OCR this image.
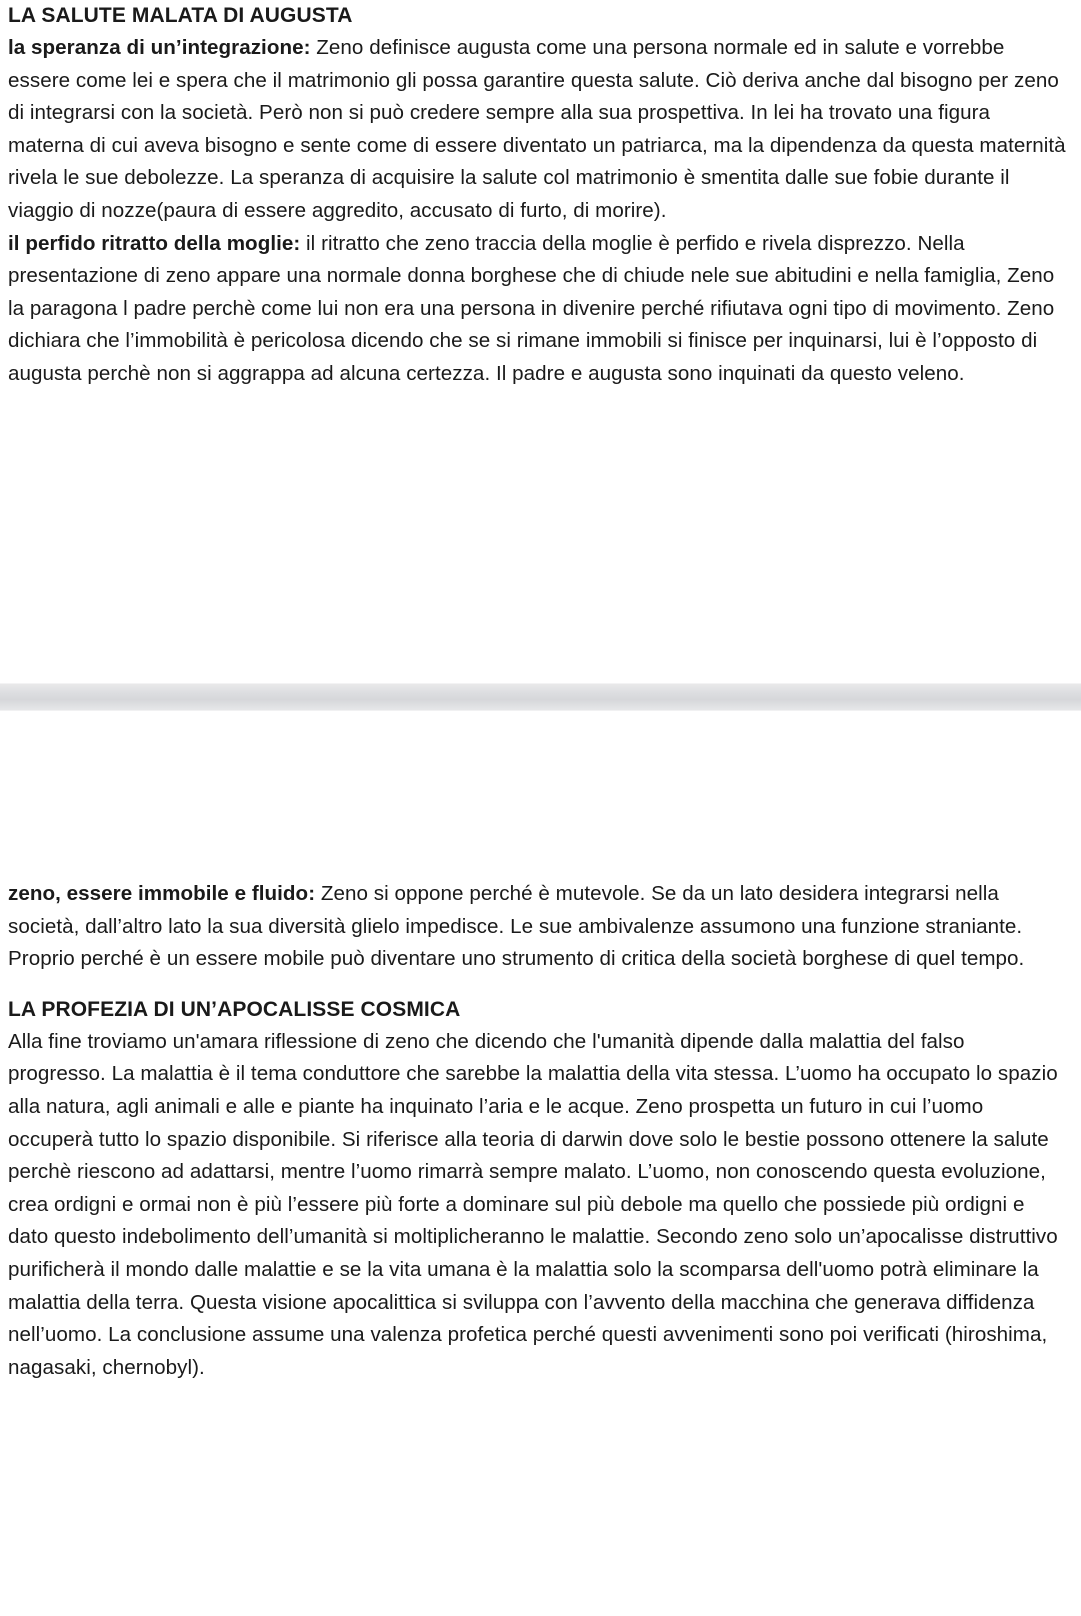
LA SALUTE MALATA DI AUGUSTA

la speranza di un’integrazione: Zeno definisce augusta come una persona normale ed in salute e vorrebbe essere come lei e spera che il matrimonio gli possa garantire questa salute. Ciò deriva anche dal bisogno per zeno di integrarsi con la società. Però non si può credere sempre alla sua prospettiva. In lei ha trovato una figura materna di cui aveva bisogno e sente come di essere diventato un patriarca, ma la dipendenza da questa maternità rivela le sue debolezze. La speranza di acquisire la salute col matrimonio è smentita dalle sue fobie durante il viaggio di nozze(paura di essere aggredito, accusato di furto, di morire).

il perfido ritratto della moglie: il ritratto che zeno traccia della moglie è perfido e rivela disprezzo. Nella presentazione di zeno appare una normale donna borghese che di chiude nele sue abitudini e nella famiglia, Zeno la paragona l padre perchè come lui non era una persona in divenire perché rifiutava ogni tipo di movimento. Zeno dichiara che l’immobilità è pericolosa dicendo che se si rimane immobili si finisce per inquinarsi, lui è l’opposto di augusta perchè non si aggrappa ad alcuna certezza. Il padre e augusta sono inquinati da questo veleno.

zeno, essere immobile e fluido: Zeno si oppone perché è mutevole. Se da un lato desidera integrarsi nella società, dall’altro lato la sua diversità glielo impedisce. Le sue ambivalenze assumono una funzione straniante. Proprio perché è un essere mobile può diventare uno strumento di critica della società borghese di quel tempo.

LA PROFEZIA DI UN’APOCALISSE COSMICA

Alla fine troviamo un'amara riflessione di zeno che dicendo che l'umanità dipende dalla malattia del falso progresso. La malattia è il tema conduttore che sarebbe la malattia della vita stessa. L’uomo ha occupato lo spazio alla natura, agli animali e alle e piante ha inquinato l’aria e le acque. Zeno prospetta un futuro in cui l’uomo occuperà tutto lo spazio disponibile. Si riferisce alla teoria di darwin dove solo le bestie possono ottenere la salute perchè riescono ad adattarsi, mentre l’uomo rimarrà sempre malato. L’uomo, non conoscendo questa evoluzione, crea ordigni e ormai non è più l’essere più forte a dominare sul più debole ma quello che possiede più ordigni e dato questo indebolimento dell’umanità si moltiplicheranno le malattie. Secondo zeno solo un’apocalisse distruttivo purificherà il mondo dalle malattie e se la vita umana è la malattia solo la scomparsa dell'uomo potrà eliminare la malattia della terra. Questa visione apocalittica si sviluppa con l’avvento della macchina che generava diffidenza nell’uomo. La conclusione assume una valenza profetica perché questi avvenimenti sono poi verificati (hiroshima, nagasaki, chernobyl).
